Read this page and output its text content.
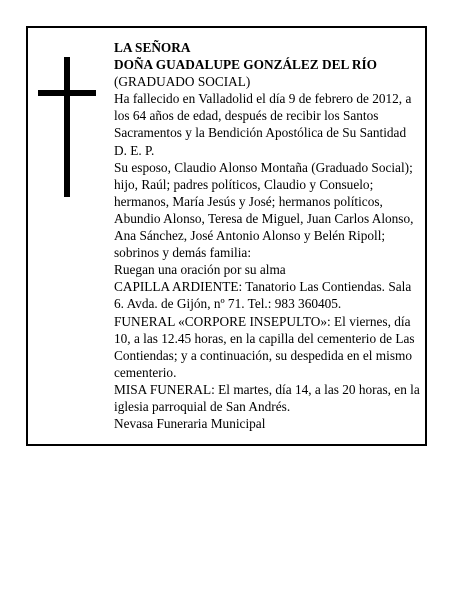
LA SEÑORA

DOÑA GUADALUPE GONZÁLEZ DEL RÍO

(GRADUADO SOCIAL)

Ha fallecido en Valladolid el día 9 de febrero de 2012, a los 64 años de edad, después de recibir los Santos Sacramentos y la Bendición Apostólica de Su Santidad

D. E. P.

Su esposo, Claudio Alonso Montaña (Graduado Social); hijo, Raúl; padres políticos, Claudio y Consuelo; hermanos, María Jesús y José; hermanos políticos, Abundio Alonso, Teresa de Miguel, Juan Carlos Alonso, Ana Sánchez, José Antonio Alonso y Belén Ripoll; sobrinos y demás familia:

Ruegan una oración por su alma

CAPILLA ARDIENTE: Tanatorio Las Contiendas. Sala 6. Avda. de Gijón, nº 71. Tel.: 983 360405.

FUNERAL «CORPORE INSEPULTO»: El viernes, día 10, a las 12.45 horas, en la capilla del cementerio de Las Contiendas; y a continuación, su despedida en el mismo cementerio.

MISA FUNERAL: El martes, día 14, a las 20 horas, en la iglesia parroquial de San Andrés.

Nevasa Funeraria Municipal
